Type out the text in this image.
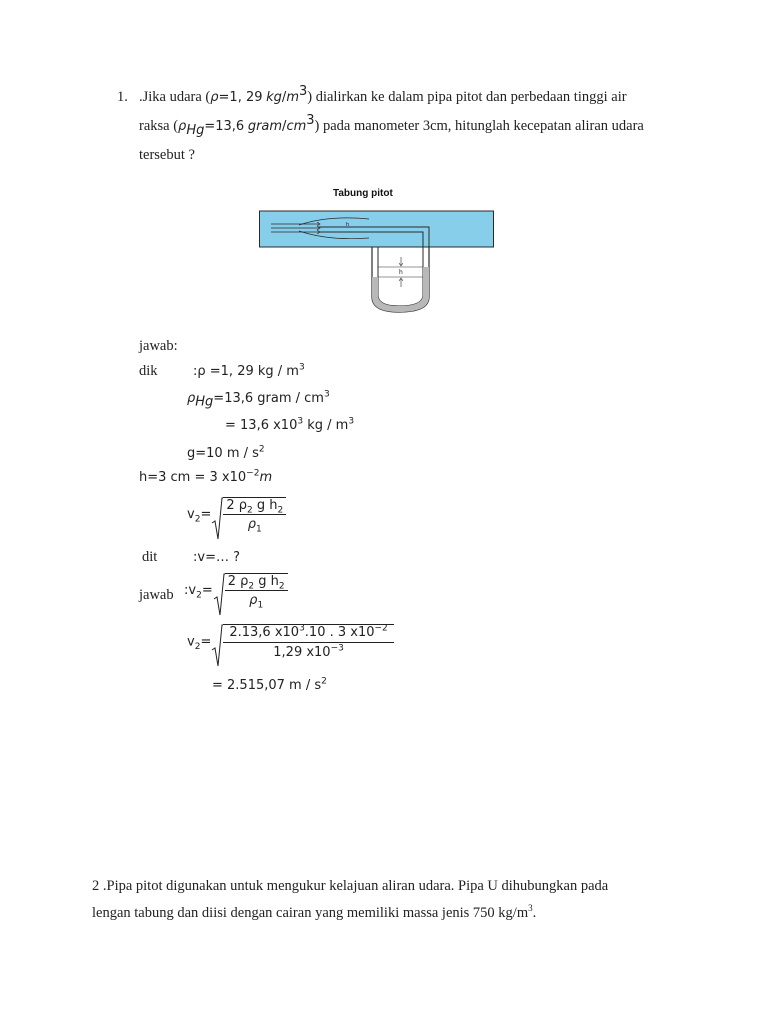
1. .Jika udara (ρ=1, 29 $kg/m^3$) dialirkan ke dalam pipa pitot dan perbedaan tinggi air
raksa ($\rho_{Hg}=13,6$ gram/$cm^3$) pada manometer 3cm, hitunglah kecepatan aliran udara
tersebut ?
Tabung pitot
h
h
jawab:
dik	:ρ =1, 29 kg / $m^3$
$\rho_{Hg}=13,6$ gram / $cm^3$
= 13,6 $x10^3$ kg / $m^3$
g=10 m / $s^2$
h=3 cm = 3 $x10^{-2}m$
$v_2= \frac{2 \rho_2 g h_2}{\rho_1}$
dit	:v=… ?
jawab $:v_2= \frac{2 \rho_2 g h_2}{\rho_1}$
$v_2= \frac{2.13,6 x10^3.10 . 3 x10^{-2}}{1,29 x10^{-3}}$
= 2.515,07 m / $s^2$
2 .Pipa pitot digunakan untuk mengukur kelajuan aliran udara. Pipa U dihubungkan pada
lengan tabung dan diisi dengan cairan yang memiliki massa jenis 750 $kg/m^3$.
